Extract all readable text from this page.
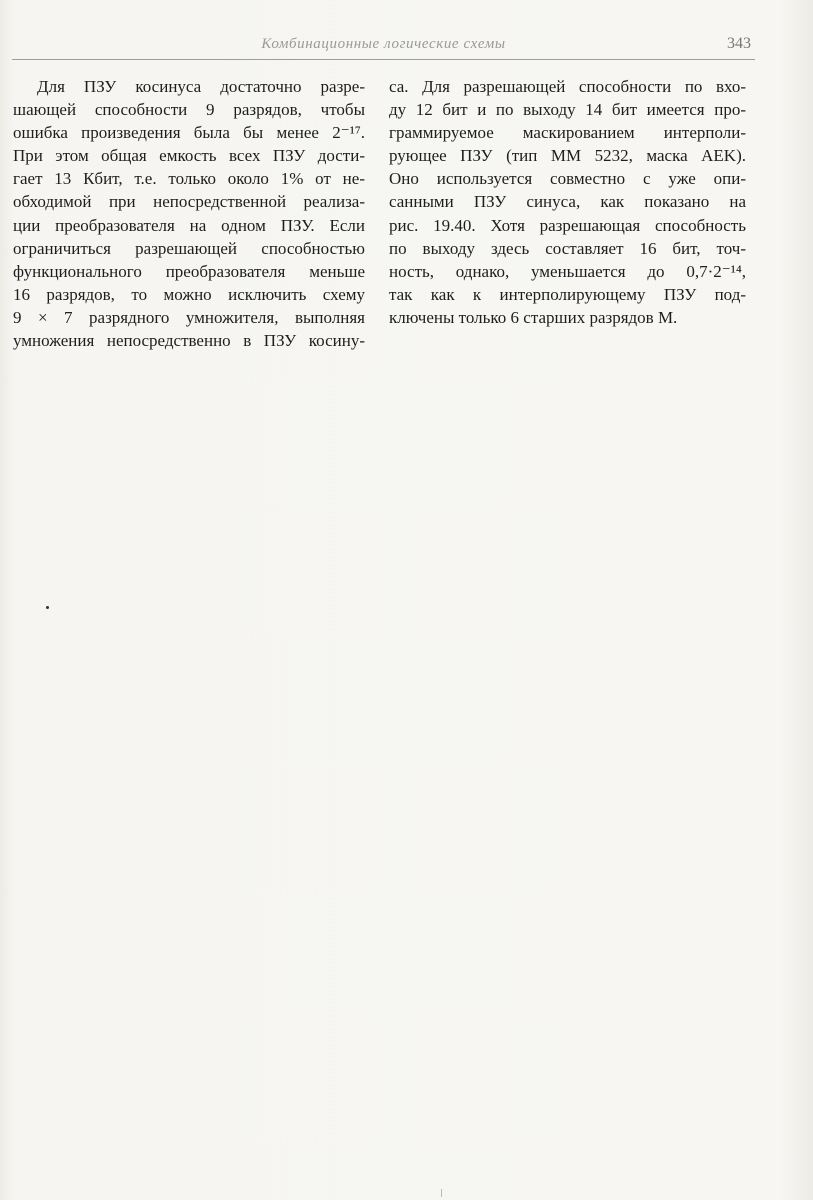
Комбинационные логические схемы	343
Для ПЗУ косинуса достаточно разре-
шающей способности 9 разрядов, чтобы
ошибка произведения была бы менее 2⁻¹⁷.
При этом общая емкость всех ПЗУ дости-
гает 13 Кбит, т.е. только около 1% от не-
обходимой при непосредственной реализа-
ции преобразователя на одном ПЗУ. Если
ограничиться разрешающей способностью
функционального преобразователя меньше
16 разрядов, то можно исключить схему
9 × 7 разрядного умножителя, выполняя
умножения непосредственно в ПЗУ косину-
са. Для разрешающей способности по вхо-
ду 12 бит и по выходу 14 бит имеется про-
граммируемое маскированием интерполи-
рующее ПЗУ (тип ММ 5232, маска AEK).
Оно используется совместно с уже опи-
санными ПЗУ синуса, как показано на
рис. 19.40. Хотя разрешающая способность
по выходу здесь составляет 16 бит, точ-
ность, однако, уменьшается до 0,7·2⁻¹⁴,
так как к интерполирующему ПЗУ под-
ключены только 6 старших разрядов M.
